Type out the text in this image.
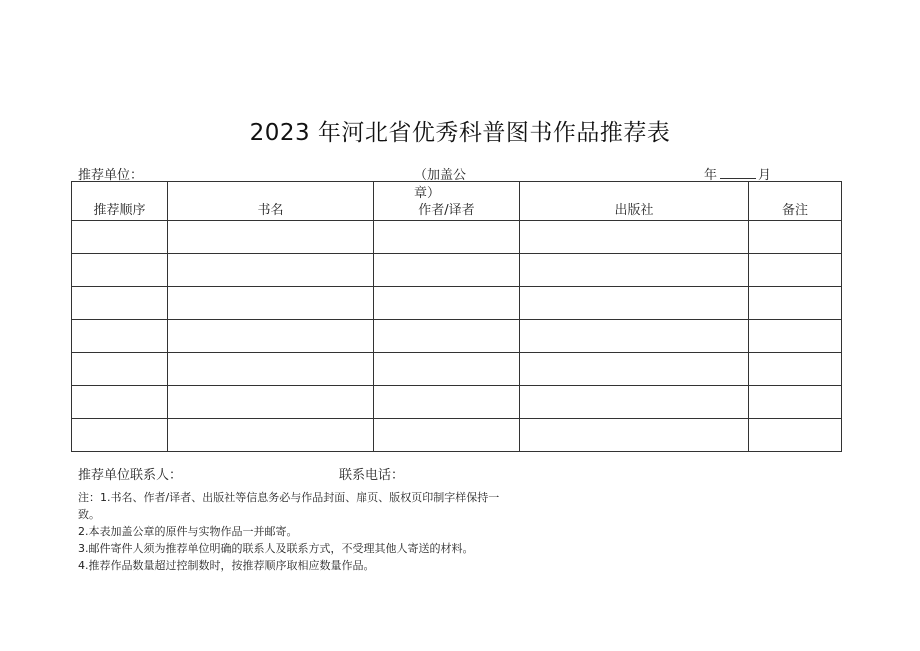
2023 年河北省优秀科普图书作品推荐表
推荐单位：	（加盖公
章）
年	月
推荐顺序	书名	作者/译者	出版社	备注

推荐单位联系人：	联系电话：
注：1.书名、作者/译者、出版社等信息务必与作品封面、扉页、版权页印制字样保持一
致。
2.本表加盖公章的原件与实物作品一并邮寄。
3.邮件寄件人须为推荐单位明确的联系人及联系方式，不受理其他人寄送的材料。
4.推荐作品数量超过控制数时，按推荐顺序取相应数量作品。
